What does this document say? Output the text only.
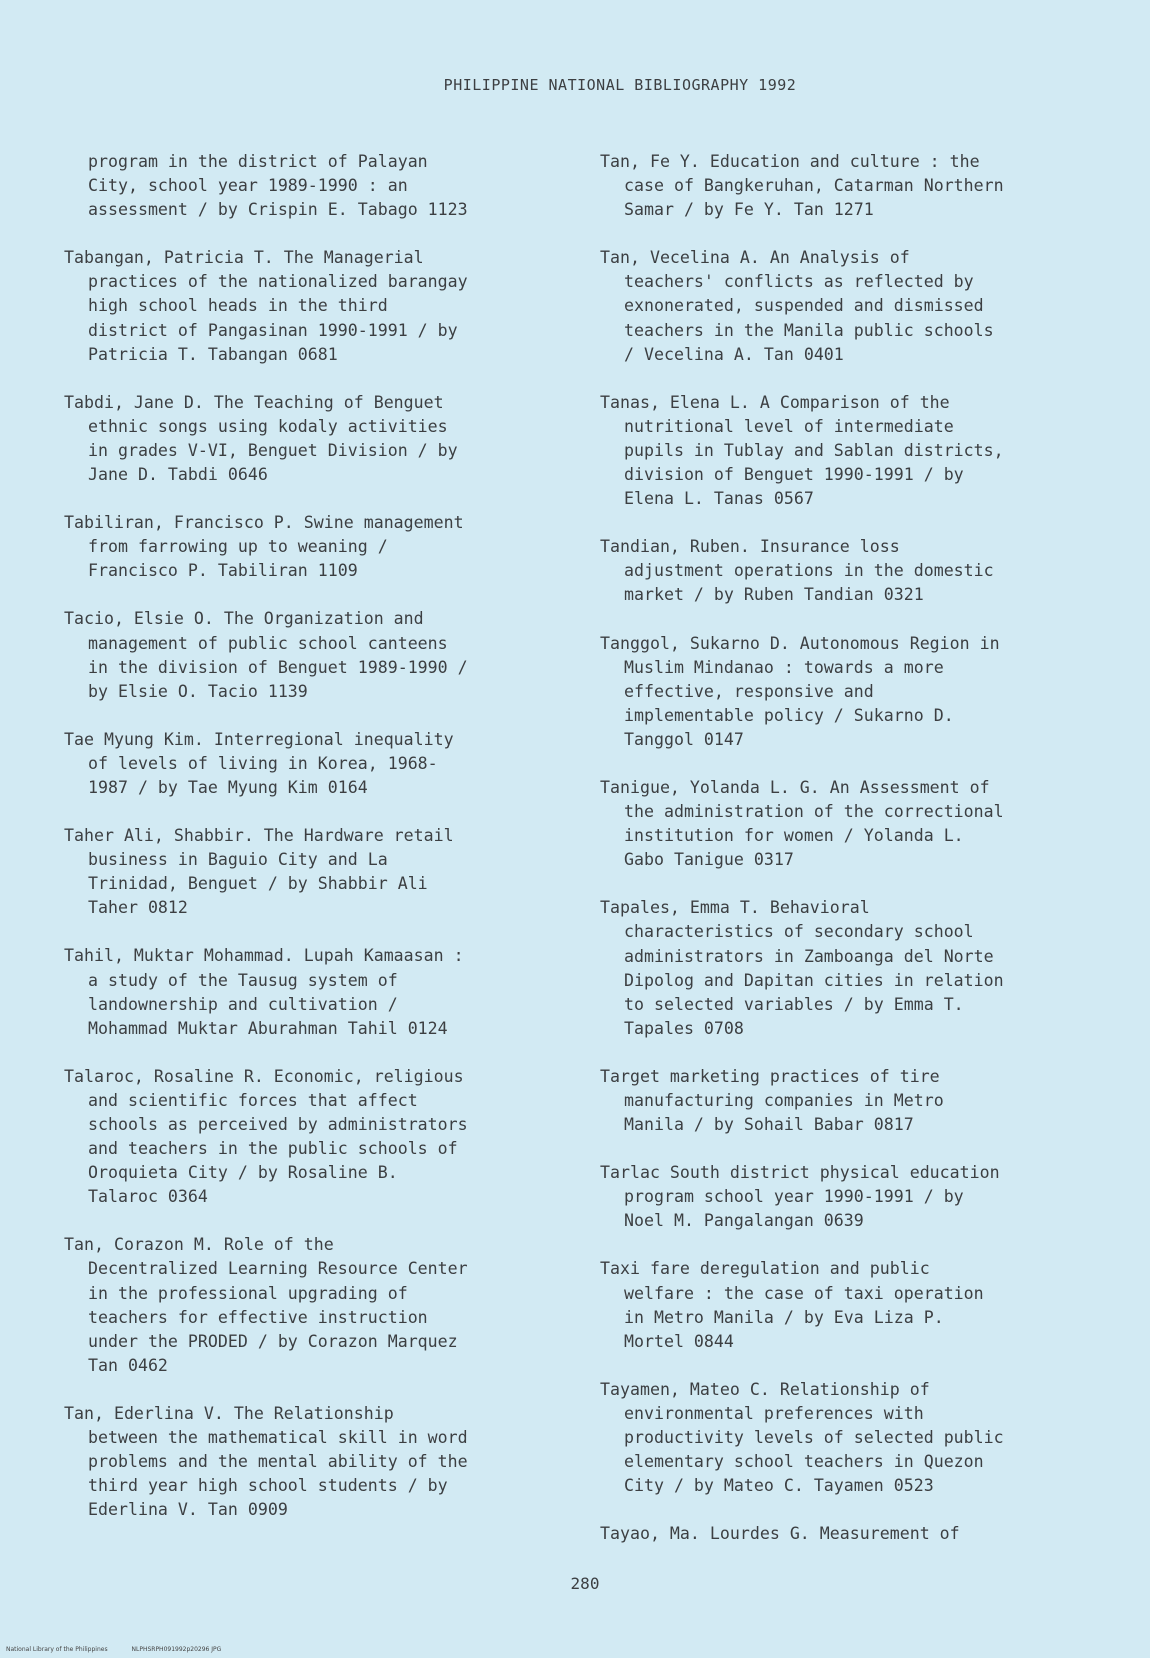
PHILIPPINE NATIONAL BIBLIOGRAPHY 1992
program in the district of Palayan
City, school year 1989-1990 : an
assessment / by Crispin E. Tabago 1123
Tabangan, Patricia T. The Managerial
practices of the nationalized barangay
high school heads in the third
district of Pangasinan 1990-1991 / by
Patricia T. Tabangan 0681
Tabdi, Jane D. The Teaching of Benguet
ethnic songs using kodaly activities
in grades V-VI, Benguet Division / by
Jane D. Tabdi 0646
Tabiliran, Francisco P. Swine management
from farrowing up to weaning /
Francisco P. Tabiliran 1109
Tacio, Elsie O. The Organization and
management of public school canteens
in the division of Benguet 1989-1990 /
by Elsie O. Tacio 1139
Tae Myung Kim. Interregional inequality
of levels of living in Korea, 1968-
1987 / by Tae Myung Kim 0164
Taher Ali, Shabbir. The Hardware retail
business in Baguio City and La
Trinidad, Benguet / by Shabbir Ali
Taher 0812
Tahil, Muktar Mohammad. Lupah Kamaasan :
a study of the Tausug system of
landownership and cultivation /
Mohammad Muktar Aburahman Tahil 0124
Talaroc, Rosaline R. Economic, religious
and scientific forces that affect
schools as perceived by administrators
and teachers in the public schools of
Oroquieta City / by Rosaline B.
Talaroc 0364
Tan, Corazon M. Role of the
Decentralized Learning Resource Center
in the professional upgrading of
teachers for effective instruction
under the PRODED / by Corazon Marquez
Tan 0462
Tan, Ederlina V. The Relationship
between the mathematical skill in word
problems and the mental ability of the
third year high school students / by
Ederlina V. Tan 0909
Tan, Fe Y. Education and culture : the
case of Bangkeruhan, Catarman Northern
Samar / by Fe Y. Tan 1271
Tan, Vecelina A. An Analysis of
teachers' conflicts as reflected by
exnonerated, suspended and dismissed
teachers in the Manila public schools
/ Vecelina A. Tan 0401
Tanas, Elena L. A Comparison of the
nutritional level of intermediate
pupils in Tublay and Sablan districts,
division of Benguet 1990-1991 / by
Elena L. Tanas 0567
Tandian, Ruben. Insurance loss
adjustment operations in the domestic
market / by Ruben Tandian 0321
Tanggol, Sukarno D. Autonomous Region in
Muslim Mindanao : towards a more
effective, responsive and
implementable policy / Sukarno D.
Tanggol 0147
Tanigue, Yolanda L. G. An Assessment of
the administration of the correctional
institution for women / Yolanda L.
Gabo Tanigue 0317
Tapales, Emma T. Behavioral
characteristics of secondary school
administrators in Zamboanga del Norte
Dipolog and Dapitan cities in relation
to selected variables / by Emma T.
Tapales 0708
Target marketing practices of tire
manufacturing companies in Metro
Manila / by Sohail Babar 0817
Tarlac South district physical education
program school year 1990-1991 / by
Noel M. Pangalangan 0639
Taxi fare deregulation and public
welfare : the case of taxi operation
in Metro Manila / by Eva Liza P.
Mortel 0844
Tayamen, Mateo C. Relationship of
environmental preferences with
productivity levels of selected public
elementary school teachers in Quezon
City / by Mateo C. Tayamen 0523
Tayao, Ma. Lourdes G. Measurement of
280
National Library of the Philippines	NLPHSRPH091992p20296 JPG
